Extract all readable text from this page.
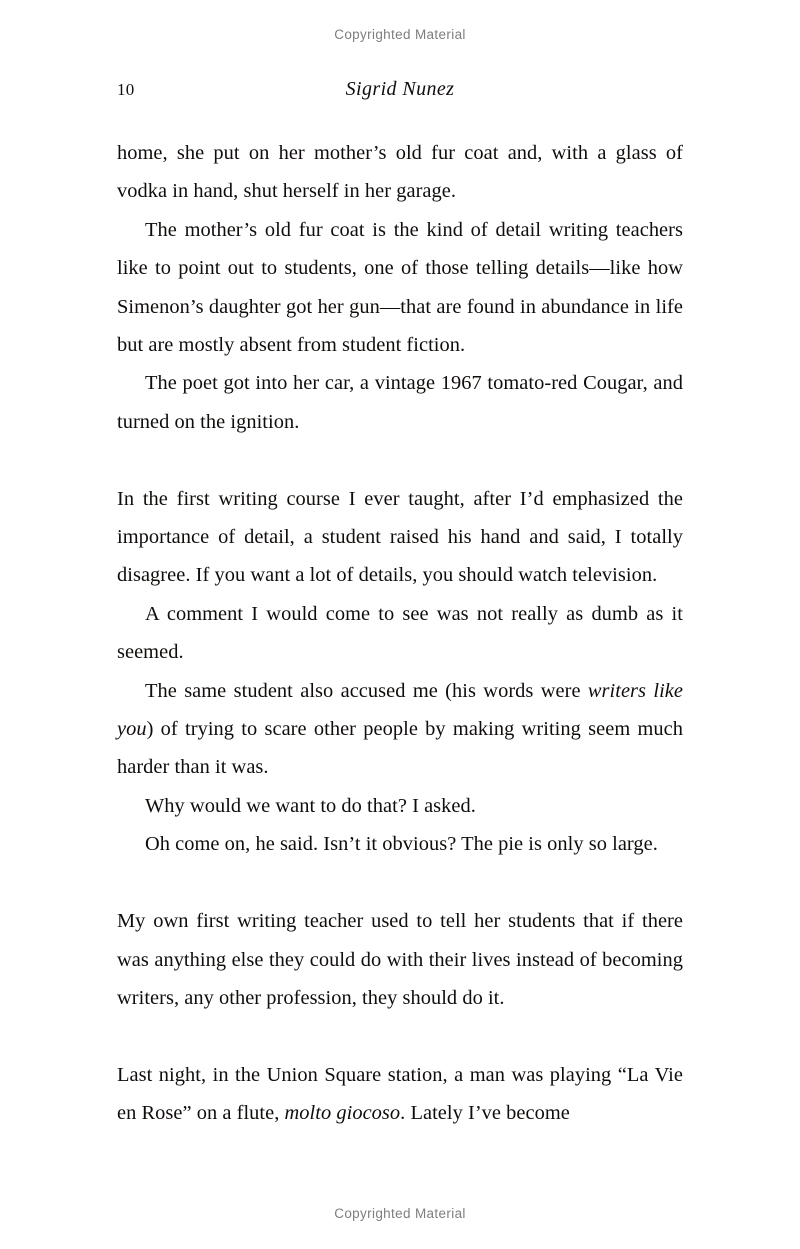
Copyrighted Material
10	Sigrid Nunez

home, she put on her mother’s old fur coat and, with a glass of vodka in hand, shut herself in her garage.

The mother’s old fur coat is the kind of detail writing teachers like to point out to students, one of those telling details—like how Simenon’s daughter got her gun—that are found in abundance in life but are mostly absent from student fiction.

The poet got into her car, a vintage 1967 tomato-red Cougar, and turned on the ignition.

In the first writing course I ever taught, after I’d emphasized the importance of detail, a student raised his hand and said, I totally disagree. If you want a lot of details, you should watch television.

A comment I would come to see was not really as dumb as it seemed.

The same student also accused me (his words were writers like you) of trying to scare other people by making writing seem much harder than it was.

Why would we want to do that? I asked.

Oh come on, he said. Isn’t it obvious? The pie is only so large.

My own first writing teacher used to tell her students that if there was anything else they could do with their lives instead of becoming writers, any other profession, they should do it.

Last night, in the Union Square station, a man was playing “La Vie en Rose” on a flute, molto giocoso. Lately I’ve become

Copyrighted Material
